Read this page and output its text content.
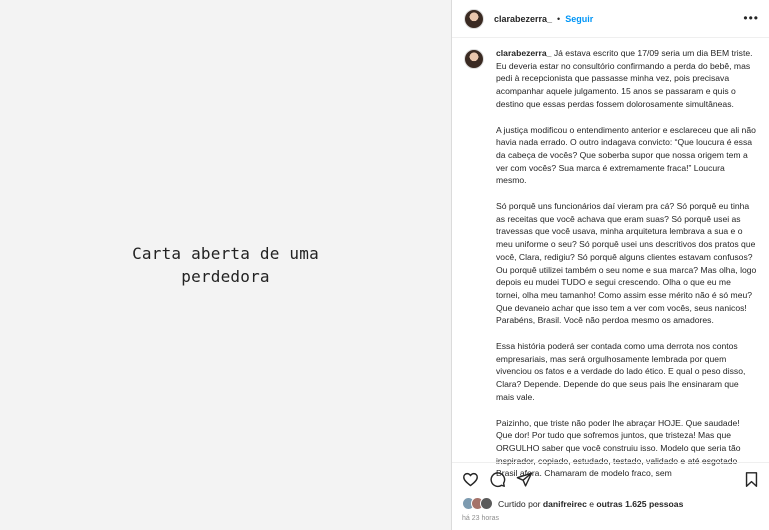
Carta aberta de uma
perdedora
clarabezerra_ • Seguir	•••

clarabezerra_ Já estava escrito que 17/09 seria um dia BEM triste. Eu deveria estar no consultório confirmando a perda do bebê, mas pedi à recepcionista que passasse minha vez, pois precisava acompanhar aquele julgamento. 15 anos se passaram e quis o destino que essas perdas fossem dolorosamente simultâneas.

A justiça modificou o entendimento anterior e esclareceu que ali não havia nada errado. O outro indagava convicto: “Que loucura é essa da cabeça de vocês? Que soberba supor que nossa origem tem a ver com vocês? Sua marca é extremamente fraca!” Loucura mesmo.

Só porquê uns funcionários daí vieram pra cá? Só porquê eu tinha as receitas que você achava que eram suas? Só porquê usei as travessas que você usava, minha arquitetura lembrava a sua e o meu uniforme o seu? Só porquê usei uns descritivos dos pratos que você, Clara, redigiu? Só porquê alguns clientes estavam confusos? Ou porquê utilizei também o seu nome e sua marca? Mas olha, logo depois eu mudei TUDO e segui crescendo. Olha o que eu me tornei, olha meu tamanho! Como assim esse mérito não é só meu? Que devaneio achar que isso tem a ver com vocês, seus nanicos! Parabéns, Brasil. Você não perdoa mesmo os amadores.

Essa história poderá ser contada como uma derrota nos contos empresariais, mas será orgulhosamente lembrada por quem vivenciou os fatos e a verdade do lado ético. E qual o peso disso, Clara? Depende. Depende do que seus pais lhe ensinaram que mais vale.

Paizinho, que triste não poder lhe abraçar HOJE. Que saudade! Que dor! Por tudo que sofremos juntos, que tristeza! Mas que ORGULHO saber que você construiu isso. Modelo que seria tão inspirador, copiado, estudado, testado, validado e até esgotado Brasil afora. Chamaram de modelo fraco, sem

Curtido por danifreirec e outras 1.625 pessoas
há 23 horas
